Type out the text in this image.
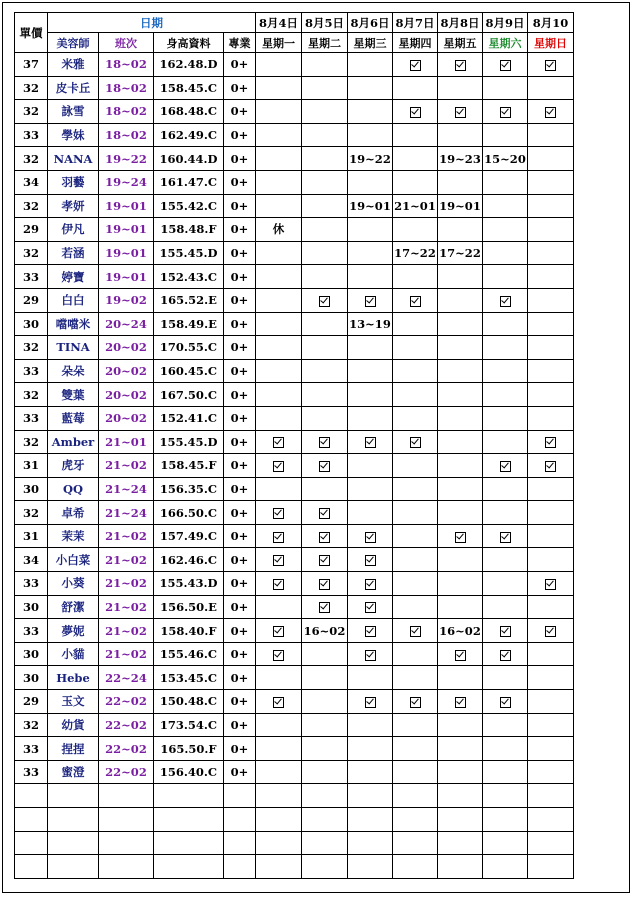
單價	日期				8月4日	8月5日	8月6日	8月7日	8月8日	8月9日	8月10
	美容師	班次	身高資料	專業	星期一	星期二	星期三	星期四	星期五	星期六	星期日
37	米雅	18~02	162.48.D	0+							
32	皮卡丘	18~02	158.45.C	0+							
32	詠雪	18~02	168.48.C	0+							
33	學妹	18~02	162.49.C	0+							
32	NANA	19~22	160.44.D	0+			19~22		19~23	15~20	
34	羽藝	19~24	161.47.C	0+							
32	孝妍	19~01	155.42.C	0+			19~01	21~01	19~01		
29	伊凡	19~01	158.48.F	0+	休						
32	若涵	19~01	155.45.D	0+				17~22	17~22		
33	婷寶	19~01	152.43.C	0+							
29	白白	19~02	165.52.E	0+							
30	噹噹米	20~24	158.49.E	0+			13~19				
32	TINA	20~02	170.55.C	0+							
33	朵朵	20~02	160.45.C	0+							
32	雙葉	20~02	167.50.C	0+							
33	藍莓	20~02	152.41.C	0+							
32	Amber	21~01	155.45.D	0+							
31	虎牙	21~02	158.45.F	0+							
30	QQ	21~24	156.35.C	0+							
32	卓希	21~24	166.50.C	0+							
31	茉茉	21~02	157.49.C	0+							
34	小白菜	21~02	162.46.C	0+							
33	小葵	21~02	155.43.D	0+							
30	舒潔	21~02	156.50.E	0+							
33	夢妮	21~02	158.40.F	0+		16~02			16~02		
30	小貓	21~02	155.46.C	0+							
30	Hebe	22~24	153.45.C	0+							
29	玉文	22~02	150.48.C	0+							
32	幼貨	22~02	173.54.C	0+							
33	捏捏	22~02	165.50.F	0+							
33	蜜澄	22~02	156.40.C	0+							
